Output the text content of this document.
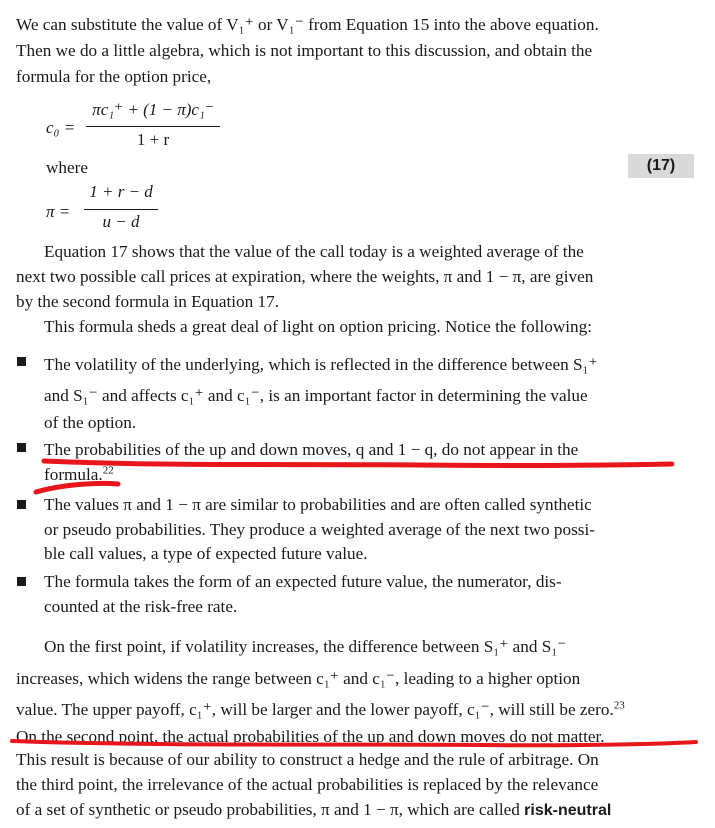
We can substitute the value of V₁⁺ or V₁⁻ from Equation 15 into the above equation.
Then we do a little algebra, which is not important to this discussion, and obtain the
formula for the option price,
c₀ =
πc₁⁺ + (1 − π)c₁⁻
1 + r
where	(17)
π =
1 + r − d
u − d
Equation 17 shows that the value of the call today is a weighted average of the
next two possible call prices at expiration, where the weights, π and 1 − π, are given
by the second formula in Equation 17.
This formula sheds a great deal of light on option pricing. Notice the following:
The volatility of the underlying, which is reflected in the difference between S₁⁺
and S₁⁻ and affects c₁⁺ and c₁⁻, is an important factor in determining the value
of the option.
The probabilities of the up and down moves, q and 1 − q, do not appear in the
formula.$^{22}$
The values π and 1 − π are similar to probabilities and are often called synthetic
or pseudo probabilities. They produce a weighted average of the next two possi-
ble call values, a type of expected future value.
The formula takes the form of an expected future value, the numerator, dis-
counted at the risk-free rate.
On the first point, if volatility increases, the difference between S₁⁺ and S₁⁻
increases, which widens the range between c₁⁺ and c₁⁻, leading to a higher option
value. The upper payoff, c₁⁺, will be larger and the lower payoff, c₁⁻, will still be zero.$^{23}$
On the second point, the actual probabilities of the up and down moves do not matter.
This result is because of our ability to construct a hedge and the rule of arbitrage. On
the third point, the irrelevance of the actual probabilities is replaced by the relevance
of a set of synthetic or pseudo probabilities, π and 1 − π, which are called risk-neutral
